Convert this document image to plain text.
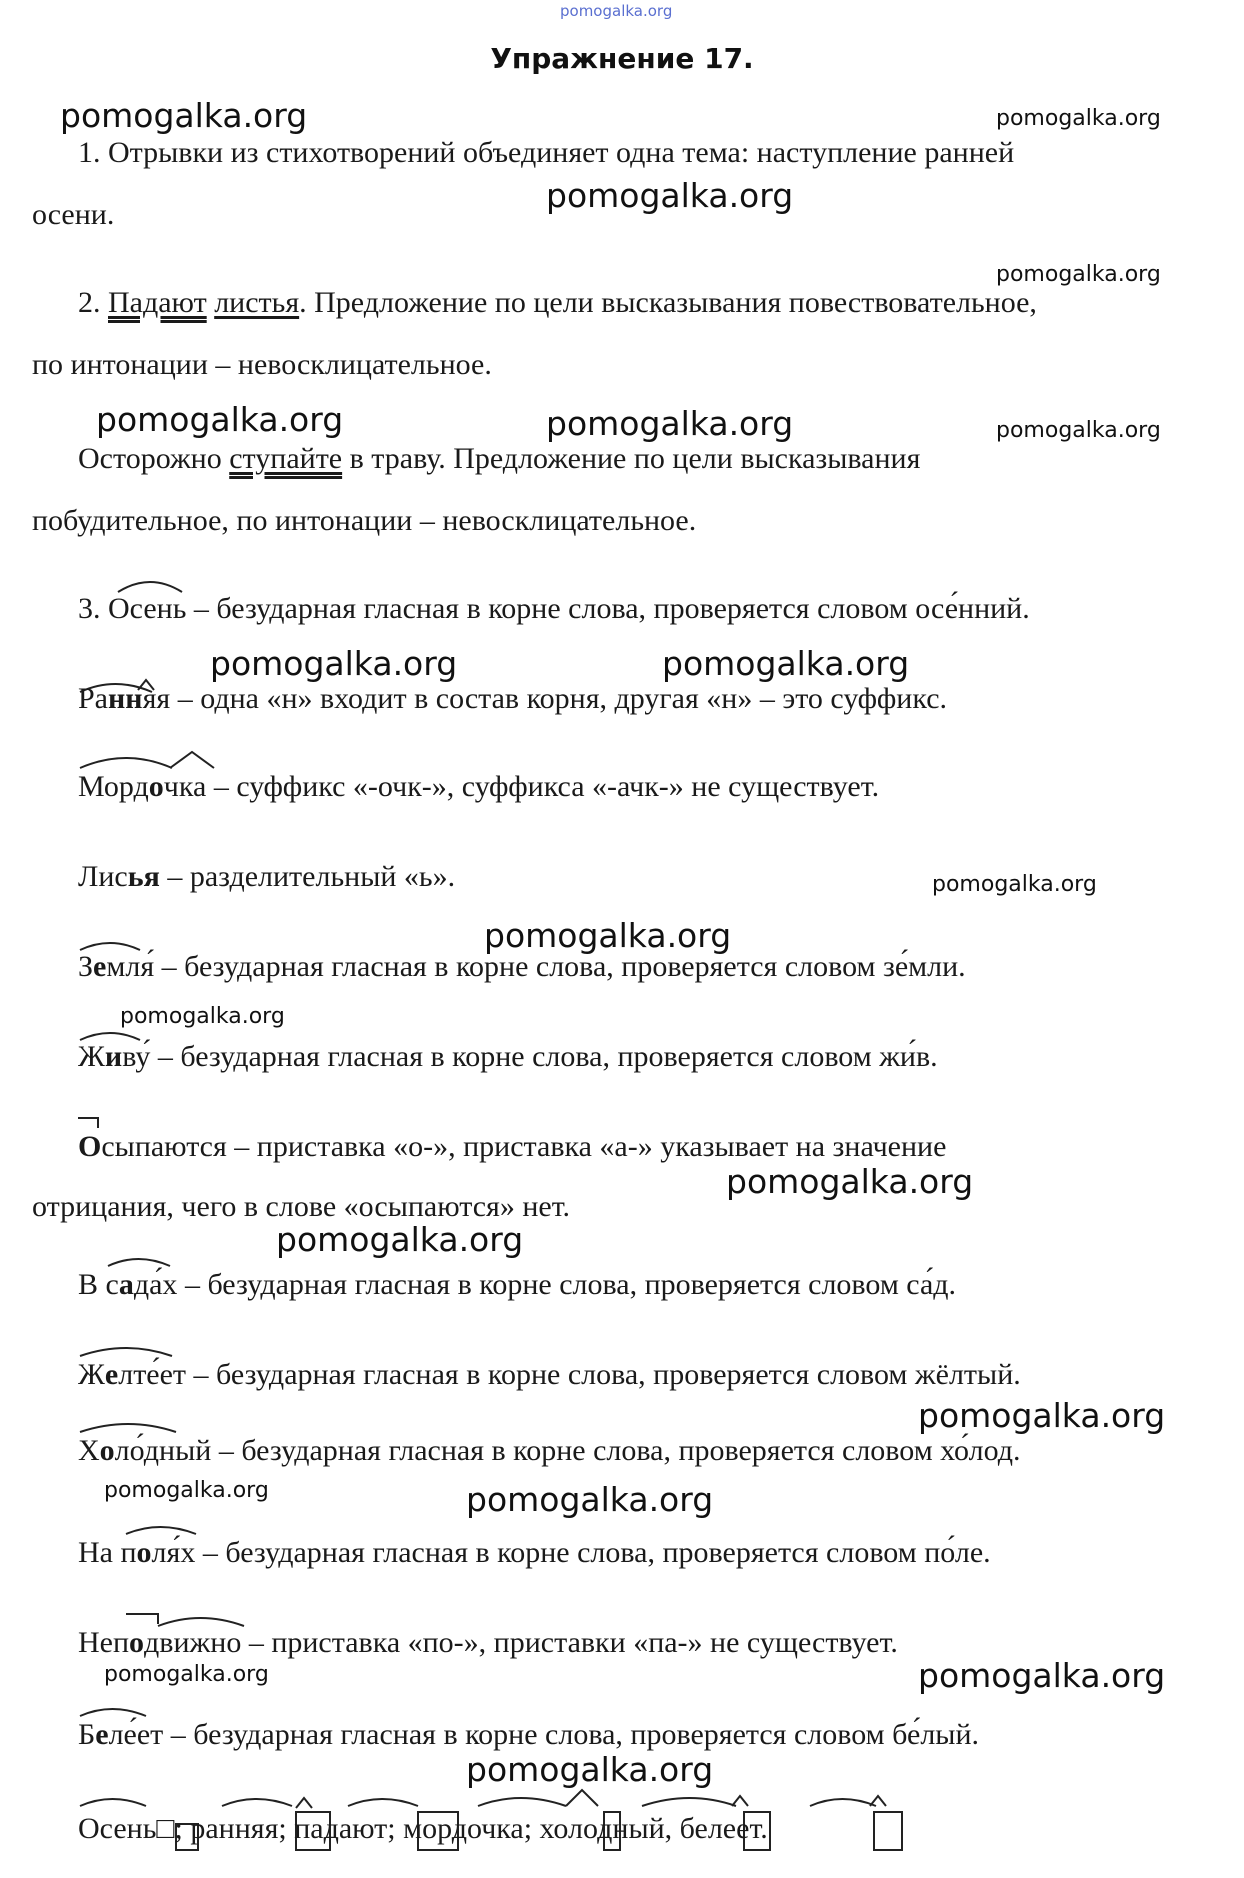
pomogalka.org
Упражнение 17.
1. Отрывки из стихотворений объединяет одна тема: наступление ранней
осени.
2. Падают листья. Предложение по цели высказывания повествовательное,
по интонации – невосклицательное.
Осторожно ступайте в траву. Предложение по цели высказывания
побудительное, по интонации – невосклицательное.
3. Осень – безударная гласная в корне слова, проверяется словом осе́нний.
Ранняя – одна «н» входит в состав корня, другая «н» – это суффикс.
Мордочка – суффикс «-очк-», суффикса «-ачк-» не существует.
Лисья – разделительный «ь».
Земля́ – безударная гласная в корне слова, проверяется словом зе́мли.
Живу́ – безударная гласная в корне слова, проверяется словом жи́в.
Осыпаются – приставка «о-», приставка «а-» указывает на значение
отрицания, чего в слове «осыпаются» нет.
В сада́х – безударная гласная в корне слова, проверяется словом са́д.
Желте́ет – безударная гласная в корне слова, проверяется словом жёлтый.
Холо́дный – безударная гласная в корне слова, проверяется словом хо́лод.
На поля́х – безударная гласная в корне слова, проверяется словом по́ле.
Неподвижно – приставка «по-», приставки «па-» не существует.
Беле́ет – безударная гласная в корне слова, проверяется словом бе́лый.
Осень□; ранняя; падают; мордочка; холодный, белеет.
pomogalka.org	pomogalka.org
pomogalka.org
pomogalka.org
pomogalka.org	pomogalka.org	pomogalka.org
pomogalka.org	pomogalka.org
pomogalka.org
pomogalka.org
pomogalka.org
pomogalka.org
pomogalka.org
pomogalka.org
pomogalka.org	pomogalka.org
pomogalka.org	pomogalka.org
pomogalka.org
